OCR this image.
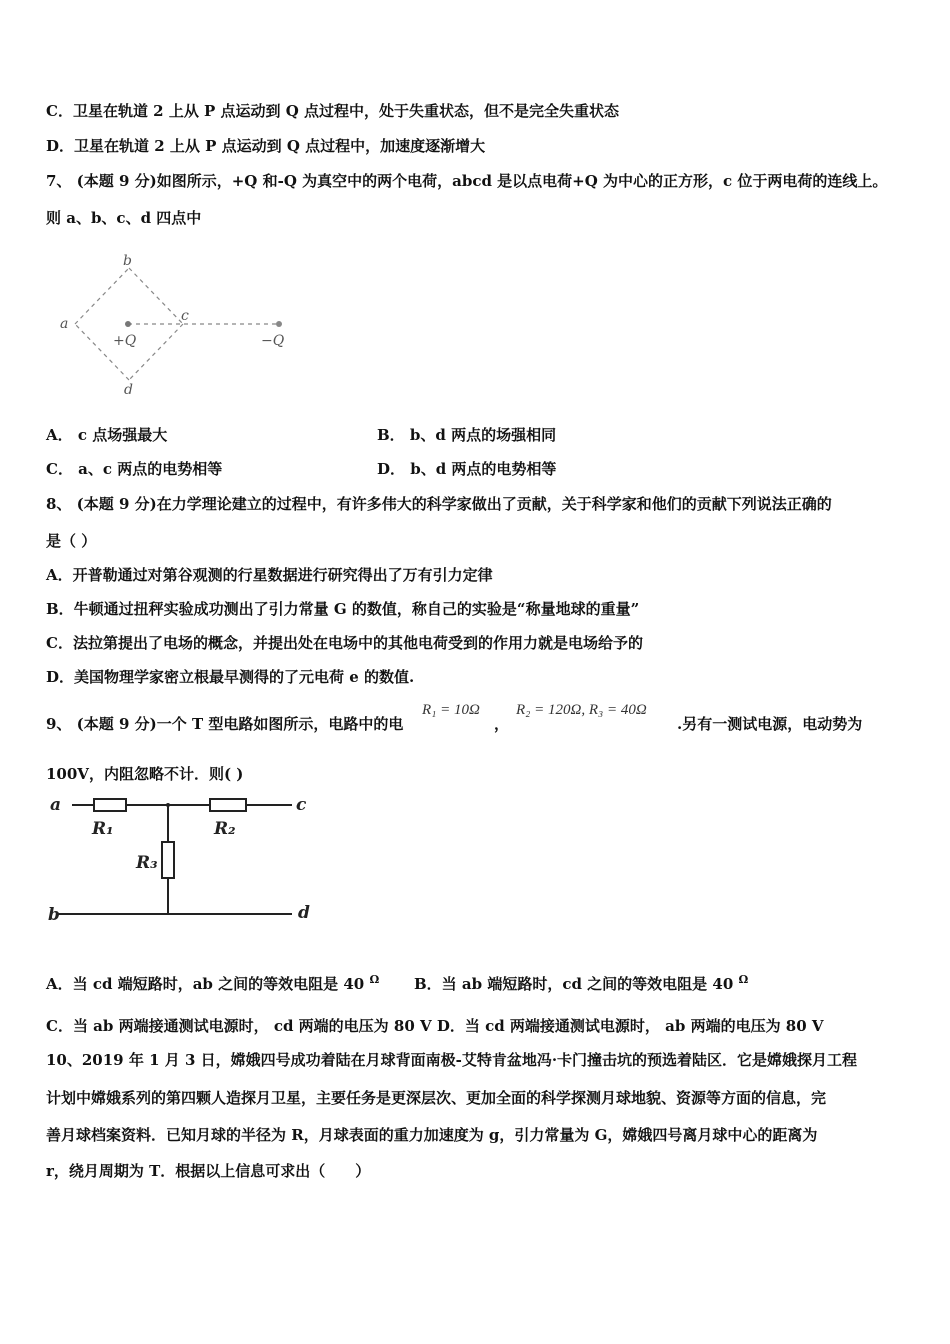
C．卫星在轨道 2 上从 P 点运动到 Q 点过程中，处于失重状态，但不是完全失重状态
D．卫星在轨道 2 上从 P 点运动到 Q 点过程中，加速度逐渐增大
7、 (本题 9 分)如图所示，+Q 和-Q 为真空中的两个电荷，abcd 是以点电荷+Q 为中心的正方形，c 位于两电荷的连线上。
则 a、b、c、d 四点中
a
b
c
d
+Q	−Q
A． c 点场强最大	B． b、d 两点的场强相同
C． a、c 两点的电势相等	D． b、d 两点的电势相等
8、 (本题 9 分)在力学理论建立的过程中，有许多伟大的科学家做出了贡献，关于科学家和他们的贡献下列说法正确的
是（ ）
A．开普勒通过对第谷观测的行星数据进行研究得出了万有引力定律
B．牛顿通过扭秤实验成功测出了引力常量 G 的数值，称自己的实验是“称量地球的重量”
C．法拉第提出了电场的概念，并提出处在电场中的其他电荷受到的作用力就是电场给予的
D．美国物理学家密立根最早测得的了元电荷 e 的数值.
9、 (本题 9 分)一个 T 型电路如图所示，电路中的电
R₁ = 10Ω
，
R₂ = 120Ω, R₃ = 40Ω
.另有一测试电源，电动势为
100V，内阻忽略不计．则( )
a	c
b	d
R₁	R₂
R₃
A．当 cd 端短路时，ab 之间的等效电阻是 40 $^\Omega$ B．当 ab 端短路时，cd 之间的等效电阻是 40 $^\Omega$
C．当 ab 两端接通测试电源时， cd 两端的电压为 80 V D．当 cd 两端接通测试电源时， ab 两端的电压为 80 V
10、2019 年 1 月 3 日，嫦娥四号成功着陆在月球背面南极-艾特肯盆地冯·卡门撞击坑的预选着陆区．它是嫦娥探月工程
计划中嫦娥系列的第四颗人造探月卫星，主要任务是更深层次、更加全面的科学探测月球地貌、资源等方面的信息，完
善月球档案资料．已知月球的半径为 R，月球表面的重力加速度为 g，引力常量为 G，嫦娥四号离月球中心的距离为
r，绕月周期为 T．根据以上信息可求出（　　）
